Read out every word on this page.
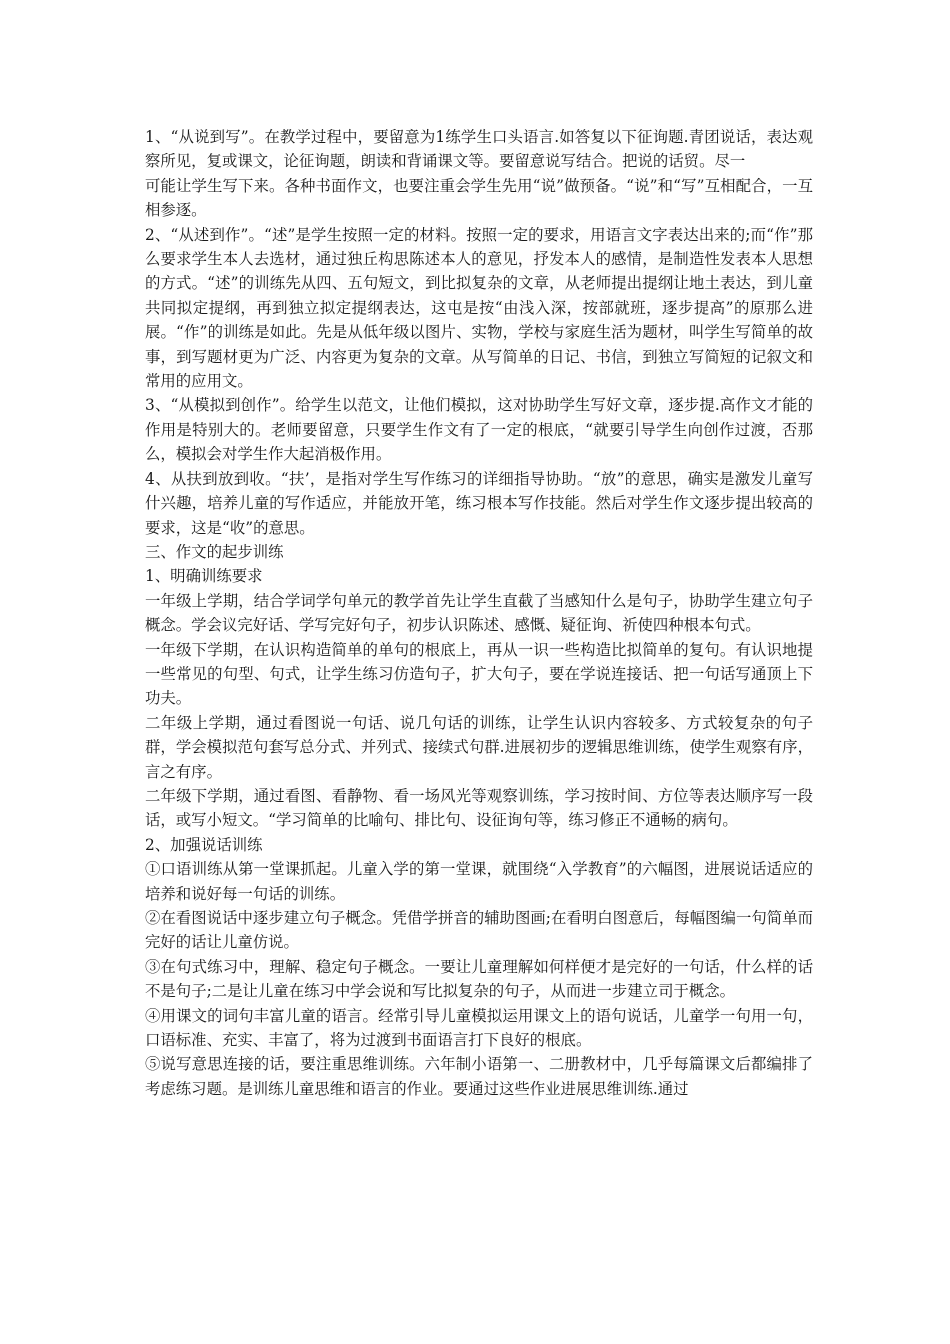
1、“从说到写”。在教学过程中，要留意为1练学生口头语言.如答复以下征询题.青团说话，表达观察所见，复或课文，论征询题，朗读和背诵课文等。要留意说写结合。把说的话贸。尽一

可能让学生写下来。各种书面作文，也要注重会学生先用“说”做预备。“说”和“写”互相配合，一互相参逐。

2、“从述到作”。“述”是学生按照一定的材料。按照一定的要求，用语言文字表达出来的;而“作”那么要求学生本人去选材，通过独丘构思陈述本人的意见，抒发本人的感情，是制造性发表本人思想的方式。“述”的训练先从四、五句短文，到比拟复杂的文章，从老师提出提纲让地土表达，到儿童共同拟定提纲，再到独立拟定提纲表达，这屯是按“由浅入深，按部就班，逐步提高”的原那么进展。“作”的训练是如此。先是从低年级以图片、实物，学校与家庭生活为题材，叫学生写简单的故事，到写题材更为广泛、内容更为复杂的文章。从写简单的日记、书信，到独立写简短的记叙文和常用的应用文。

3、“从模拟到创作”。给学生以范文，让他们模拟，这对协助学生写好文章，逐步提.高作文才能的作用是特别大的。老师要留意，只要学生作文有了一定的根底，“就要引导学生向创作过渡，否那么，模拟会对学生作大起消极作用。

4、从扶到放到收。“扶’，是指对学生写作练习的详细指导协助。“放”的意思，确实是激发儿童写什兴趣，培养儿童的写作适应，并能放开笔，练习根本写作技能。然后对学生作文逐步提出较高的要求，这是“收”的意思。

三、作文的起步训练

1、明确训练要求

一年级上学期，结合学词学句单元的教学首先让学生直截了当感知什么是句子，协助学生建立句子概念。学会议完好话、学写完好句子，初步认识陈述、感慨、疑征询、祈使四种根本句式。

一年级下学期，在认识构造简单的单句的根底上，再从一识一些构造比拟简单的复句。有认识地提一些常见的句型、句式，让学生练习仿造句子，扩大句子，要在学说连接话、把一句话写通顶上下功夫。

二年级上学期，通过看图说一句话、说几句话的训练，让学生认识内容较多、方式较复杂的句子群，学会模拟范句套写总分式、并列式、接续式句群.进展初步的逻辑思维训练，使学生观察有序，言之有序。

二年级下学期，通过看图、看静物、看一场风光等观察训练，学习按时间、方位等表达顺序写一段话，或写小短文。“学习简单的比喻句、排比句、设征询句等，练习修正不通畅的病句。

2、加强说话训练

①口语训练从第一堂课抓起。儿童入学的第一堂课，就围绕“入学教育”的六幅图，进展说话适应的培养和说好每一句话的训练。

②在看图说话中逐步建立句子概念。凭借学拼音的辅助图画;在看明白图意后，每幅图编一句简单而完好的话让儿童仿说。

③在句式练习中，理解、稳定句子概念。一要让儿童理解如何样便才是完好的一句话，什么样的话不是句子;二是让儿童在练习中学会说和写比拟复杂的句子，从而进一步建立司于概念。

④用课文的词句丰富儿童的语言。经常引导儿童模拟运用课文上的语句说话，儿童学一句用一句，口语标准、充实、丰富了，将为过渡到书面语言打下良好的根底。

⑤说写意思连接的话，要注重思维训练。六年制小语第一、二册教材中，几乎每篇课文后都编排了考虑练习题。是训练儿童思维和语言的作业。要通过这些作业进展思维训练.通过
